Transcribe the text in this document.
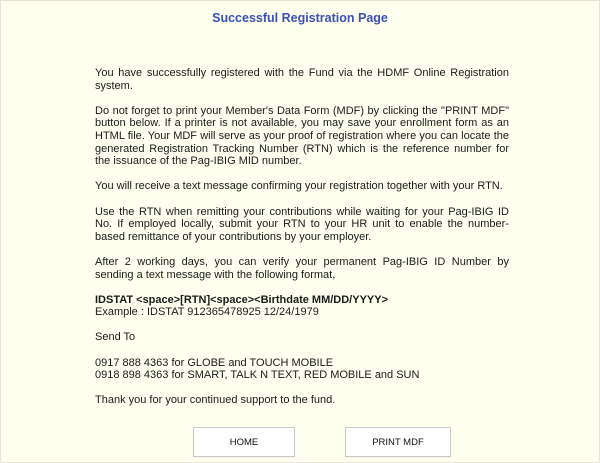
Successful Registration Page

You have successfully registered with the Fund via the HDMF Online Registration system.

Do not forget to print your Member's Data Form (MDF) by clicking the "PRINT MDF" button below. If a printer is not available, you may save your enrollment form as an HTML file. Your MDF will serve as your proof of registration where you can locate the generated Registration Tracking Number (RTN) which is the reference number for the issuance of the Pag-IBIG MID number.

You will receive a text message confirming your registration together with your RTN.

Use the RTN when remitting your contributions while waiting for your Pag-IBIG ID No. If employed locally, submit your RTN to your HR unit to enable the number-based remittance of your contributions by your employer.

After 2 working days, you can verify your permanent Pag-IBIG ID Number by sending a text message with the following format,

IDSTAT <space>[RTN]<space><Birthdate MM/DD/YYYY>
Example : IDSTAT 912365478925 12/24/1979

Send To

0917 888 4363 for GLOBE and TOUCH MOBILE
0918 898 4363 for SMART, TALK N TEXT, RED MOBILE and SUN

Thank you for your continued support to the fund.

HOME	PRINT MDF
